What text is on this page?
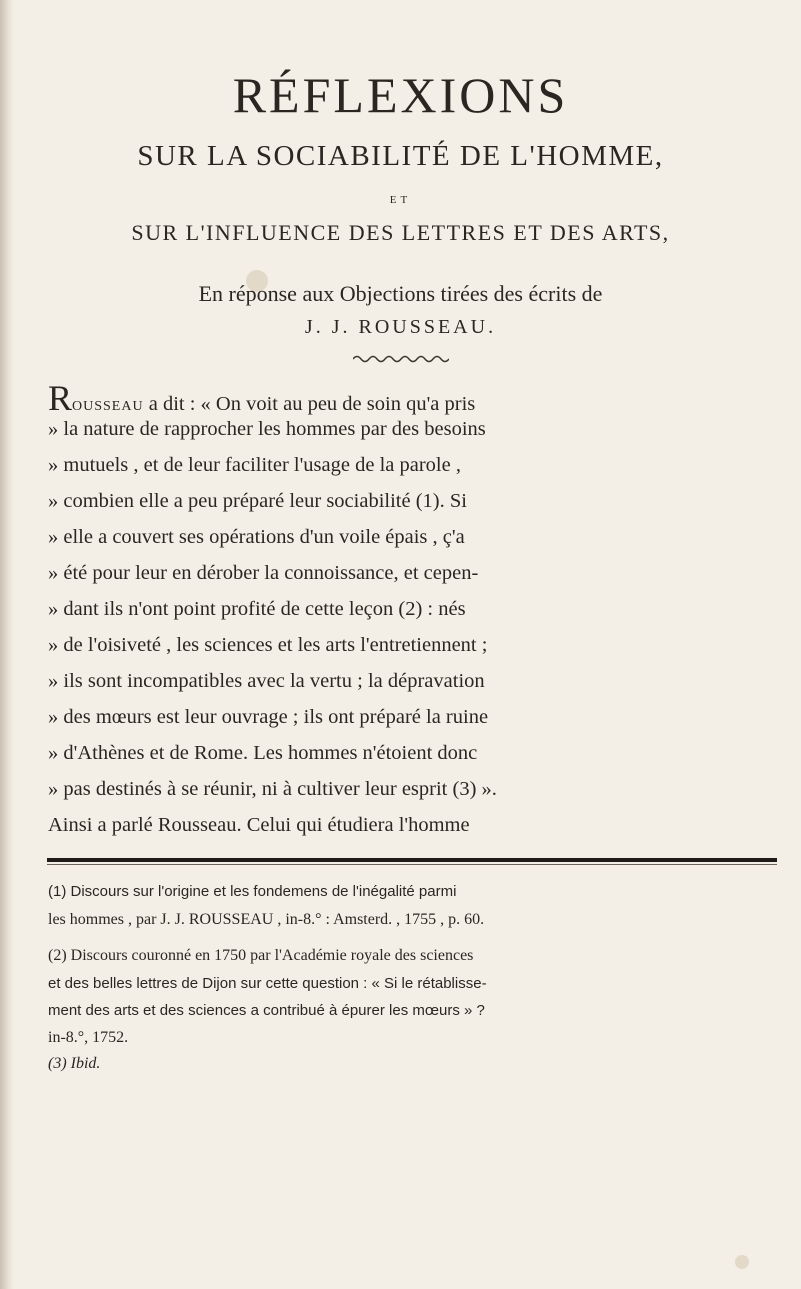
RÉFLEXIONS
SUR LA SOCIABILITÉ DE L'HOMME,
ET
SUR L'INFLUENCE DES LETTRES ET DES ARTS,
En réponse aux Objections tirées des écrits de
J. J. ROUSSEAU.
ROUSSEAU a dit : « On voit au peu de soin qu'a pris
» la nature de rapprocher les hommes par des besoins
» mutuels , et de leur faciliter l'usage de la parole ,
» combien elle a peu préparé leur sociabilité (1). Si
» elle a couvert ses opérations d'un voile épais , ç'a
» été pour leur en dérober la connoissance, et cepen-
» dant ils n'ont point profité de cette leçon (2) : nés
» de l'oisiveté , les sciences et les arts l'entretiennent ;
» ils sont incompatibles avec la vertu ; la dépravation
» des mœurs est leur ouvrage ; ils ont préparé la ruine
» d'Athènes et de Rome. Les hommes n'étoient donc
» pas destinés à se réunir, ni à cultiver leur esprit (3) ».
Ainsi a parlé Rousseau. Celui qui étudiera l'homme
(1) Discours sur l'origine et les fondemens de l'inégalité parmi
les hommes , par J. J. ROUSSEAU , in-8.° : Amsterd. , 1755 , p. 60.
(2) Discours couronné en 1750 par l'Académie royale des sciences
et des belles lettres de Dijon sur cette question : « Si le rétablisse-
ment des arts et des sciences a contribué à épurer les mœurs » ?
in-8.°, 1752.
(3) Ibid.
